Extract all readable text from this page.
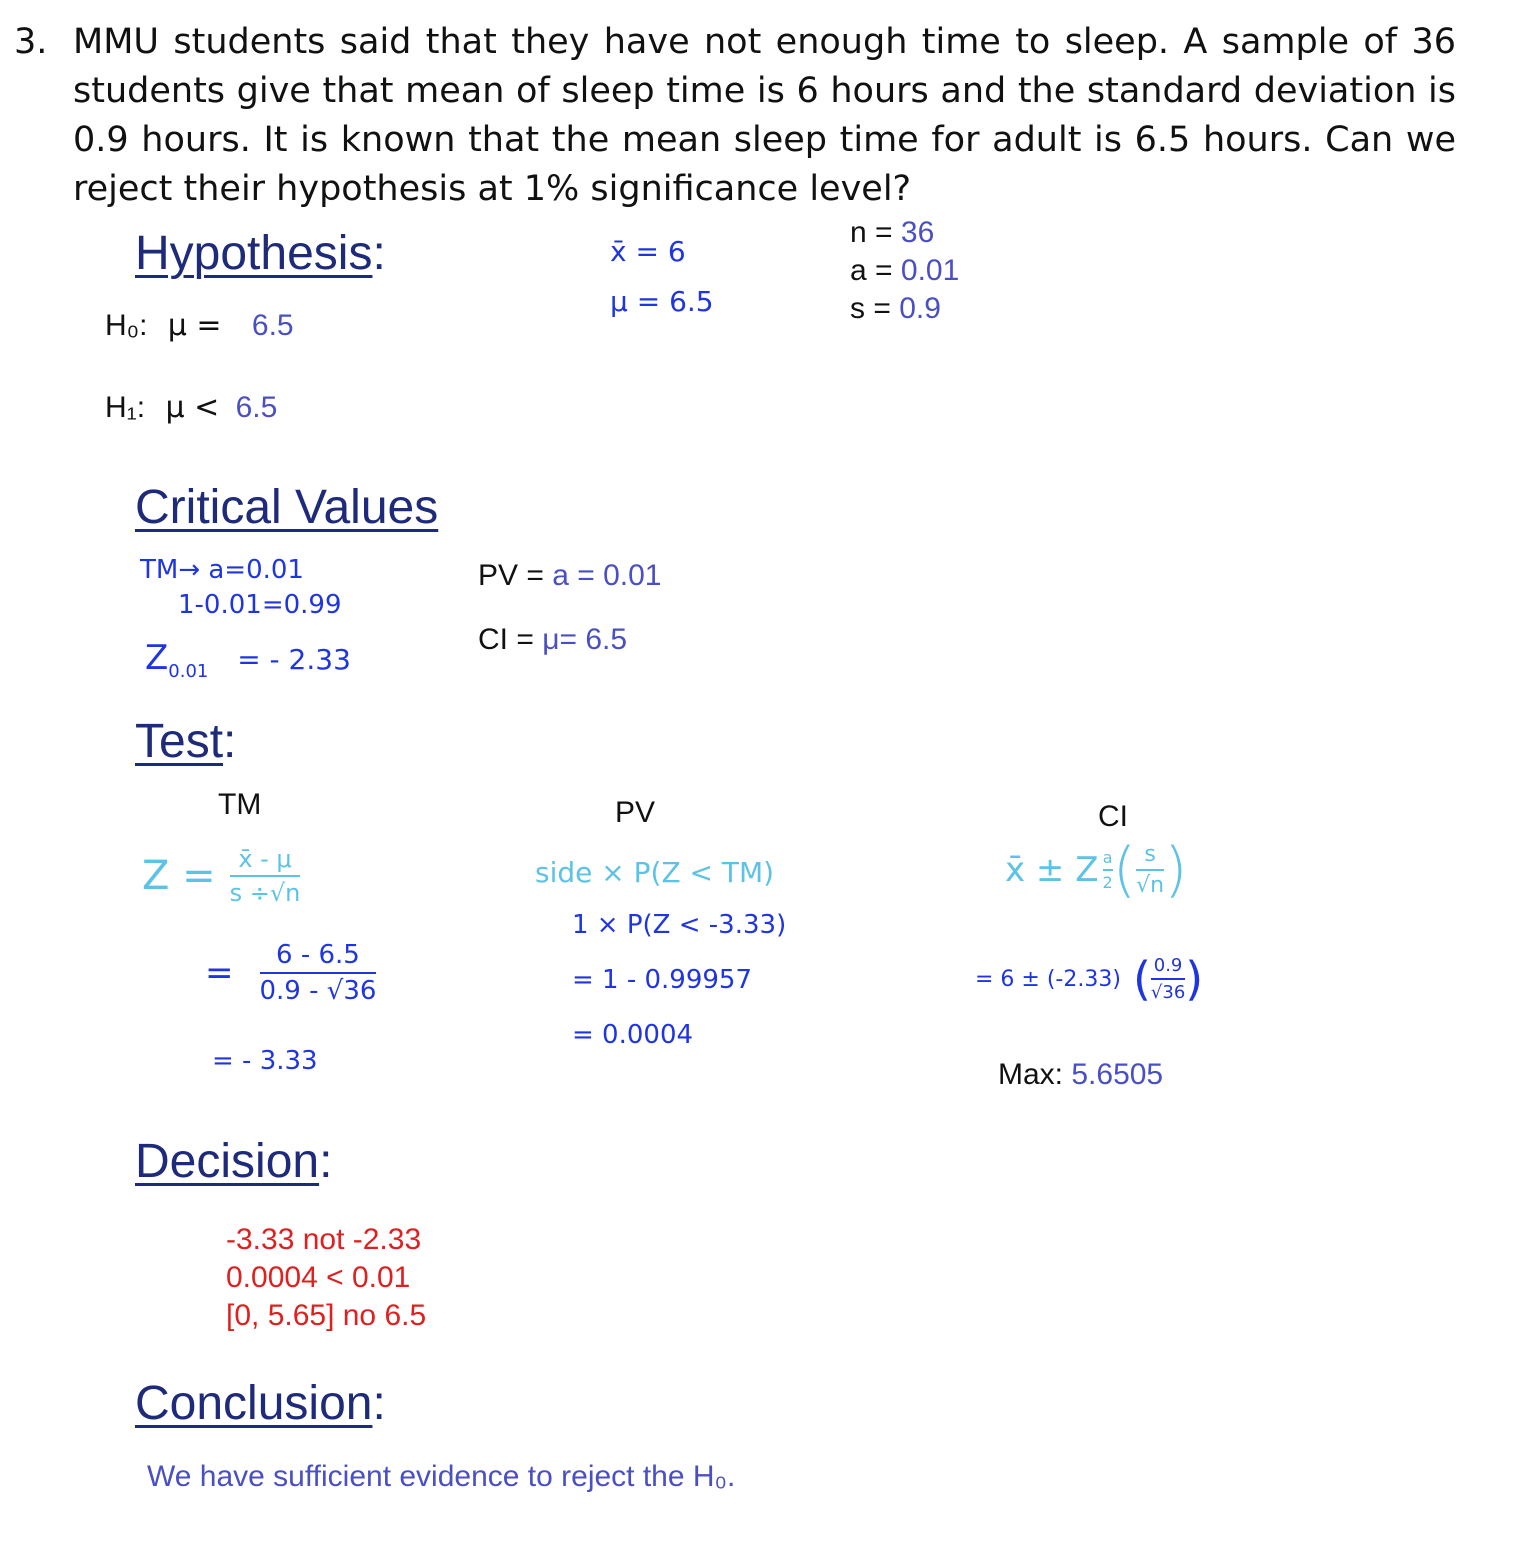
3. MMU students said that they have not enough time to sleep. A sample of 36 students give that mean of sleep time is 6 hours and the standard deviation is 0.9 hours. It is known that the mean sleep time for adult is 6.5 hours. Can we reject their hypothesis at 1% significance level?
Hypothesis:
H₀: μ = 6.5
H₁: μ < 6.5
x̄ = 6
μ = 6.5
n = 36
a = 0.01
s = 0.9
Critical Values
TM→ a=0.01
1-0.01=0.99
$Z_{0.01}$ = - 2.33
PV = a = 0.01
CI = μ= 6.5
Test:
TM	PV	CI
$Z = \frac{x̄ - \mu}{s \div√n}$
= $\frac{6 - 6.5}{0.9 - √36}$
= - 3.33
side × P(Z < TM)
1 × P(Z < -3.33)
= 1 - 0.99957
= 0.0004
x̄ ± Z $\frac{a}{2}$ ( $\frac{s}{√n}$ )
= 6 ± (-2.33) ( $\frac{0.9}{√36}$ )
Max: 5.6505
Decision:
-3.33 not -2.33
0.0004 < 0.01
[0, 5.65] no 6.5
Conclusion:
We have sufficient evidence to reject the H₀.
